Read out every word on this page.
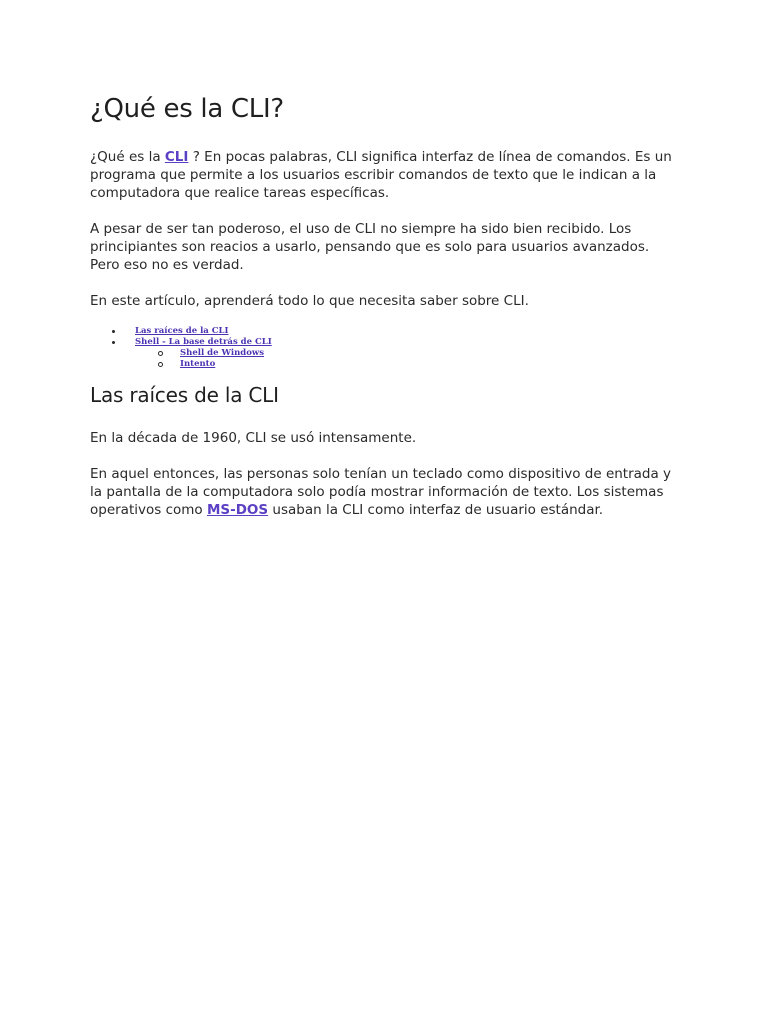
¿Qué es la CLI?

¿Qué es la CLI ? En pocas palabras, CLI significa interfaz de línea de comandos. Es un programa que permite a los usuarios escribir comandos de texto que le indican a la computadora que realice tareas específicas.

A pesar de ser tan poderoso, el uso de CLI no siempre ha sido bien recibido. Los principiantes son reacios a usarlo, pensando que es solo para usuarios avanzados. Pero eso no es verdad.

En este artículo, aprenderá todo lo que necesita saber sobre CLI.

Las raíces de la CLI
Shell - La base detrás de CLI
Shell de Windows
Intento
Las raíces de la CLI

En la década de 1960, CLI se usó intensamente.

En aquel entonces, las personas solo tenían un teclado como dispositivo de entrada y la pantalla de la computadora solo podía mostrar información de texto. Los sistemas operativos como MS-DOS usaban la CLI como interfaz de usuario estándar.
